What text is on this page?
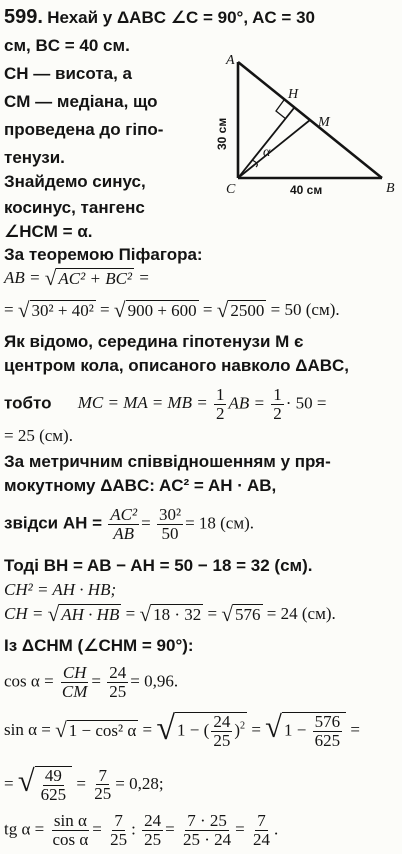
599. Нехай у ΔABC ∠C = 90°, AC = 30
см, BC = 40 см.
CH — висота, а
CM — медіана, що
проведена до гіпо-
тенузи.
Знайдемо синус,
косинус, тангенс
∠HCM = α.
A
B
C
H
M
α
30 см
40 см
За теоремою Піфагора:
AB = √ AC² + BC² =
= √ 30² + 40² = √ 900 + 600 = √ 2500 = 50 (см).
Як відомо, середина гіпотенузи M є
центром кола, описаного навколо ΔABC,
тобто MC = MA = MB = $\frac{1}{2}$ AB = $\frac{1}{2} \cdot 50$ =
= 25 (см).
За метричним співвідношенням у пря-
мокутному ΔABC: AC² = AH · AB,
звідси AH = $\frac{\text{AC²}}{AB} = \frac{\text{30²}}{50} = 18$ (см).
Тоді BH = AB − AH = 50 − 18 = 32 (см).
CH² = AH · HB;
CH = √ AH · HB = √ 18 · 32 = √ 576 = 24 (см).
Із ΔCHM (∠CHM = 90°):
$\cos \alpha = \frac{CH}{CM} = \frac{24}{25} = 0,96$.
sin α = √ 1 − cos² α = √ 1 − ( $\frac{24}{25} )^2$ = √ $1 - \frac{576}{625}$ =
= √ $\frac{49}{625} = \frac{7}{25} = 0,28$;
tg $\alpha = \frac{\text{sin α}}{\text{cos α}} = \frac{7}{25}$ : $\frac{24}{25} = \frac{7 \cdot 25}{25 \cdot 24} = \frac{7}{24}$ .
